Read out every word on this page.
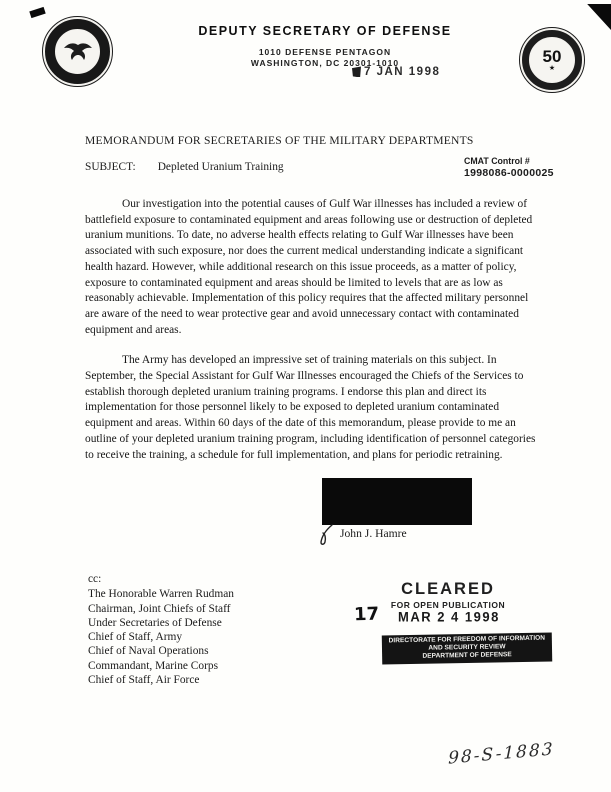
DEPUTY SECRETARY OF DEFENSE
1010 DEFENSE PENTAGON
WASHINGTON, DC 20301-1010	50
★
7 JAN 1998
MEMORANDUM FOR SECRETARIES OF THE MILITARY DEPARTMENTS
SUBJECT: Depleted Uranium Training	CMAT Control #
1998086-0000025

Our investigation into the potential causes of Gulf War illnesses has included a review of battlefield exposure to contaminated equipment and areas following use or destruction of depleted uranium munitions. To date, no adverse health effects relating to Gulf War illnesses have been associated with such exposure, nor does the current medical understanding indicate a significant health hazard. However, while additional research on this issue proceeds, as a matter of policy, exposure to contaminated equipment and areas should be limited to levels that are as low as reasonably achievable. Implementation of this policy requires that the affected military personnel are aware of the need to wear protective gear and avoid unnecessary contact with contaminated equipment and areas.

The Army has developed an impressive set of training materials on this subject. In September, the Special Assistant for Gulf War Illnesses encouraged the Chiefs of the Services to establish thorough depleted uranium training programs. I endorse this plan and direct its implementation for those personnel likely to be exposed to depleted uranium contaminated equipment and areas. Within 60 days of the date of this memorandum, please provide to me an outline of your depleted uranium training program, including identification of personnel categories to receive the training, a schedule for full implementation, and plans for periodic retraining.

John J. Hamre
cc:
The Honorable Warren Rudman
Chairman, Joint Chiefs of Staff
Under Secretaries of Defense
Chief of Staff, Army
Chief of Naval Operations
Commandant, Marine Corps
Chief of Staff, Air Force
CLEARED
FOR OPEN PUBLICATION
17 MAR 2 4 1998
DIRECTORATE FOR FREEDOM OF INFORMATION
AND SECURITY REVIEW
DEPARTMENT OF DEFENSE
98-S-1883
